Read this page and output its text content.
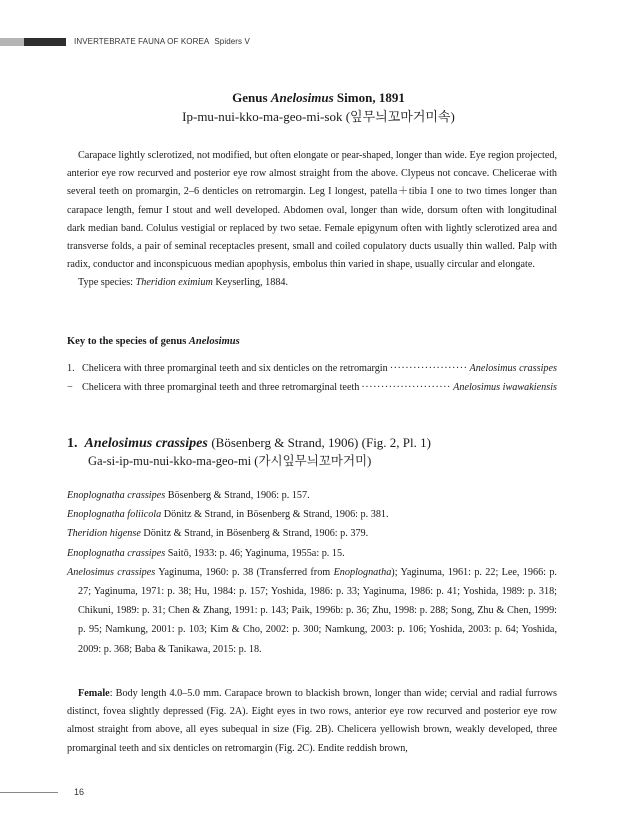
INVERTEBRATE FAUNA OF KOREA Spiders V
Genus Anelosimus Simon, 1891
Ip-mu-nui-kko-ma-geo-mi-sok (잎무늬꼬마거미속)

Carapace lightly sclerotized, not modified, but often elongate or pear-shaped, longer than wide. Eye region projected, anterior eye row recurved and posterior eye row almost straight from the above. Clypeus not concave. Chelicerae with several teeth on promargin, 2–6 denticles on retromargin. Leg I longest, patella＋tibia I one to two times longer than carapace length, femur I stout and well developed. Abdomen oval, longer than wide, dorsum often with longitudinal dark median band. Colulus vestigial or replaced by two setae. Female epigynum often with lightly sclerotized area and transverse folds, a pair of seminal receptacles present, small and coiled copulatory ducts usually thin walled. Palp with radix, conductor and inconspicuous median apophysis, embolus thin varied in shape, usually circular and elongate.

Type species: Theridion eximium Keyserling, 1884.

Key to the species of genus Anelosimus
1. Chelicera with three promarginal teeth and six denticles on the retromargin ·····	Anelosimus crassipes
− Chelicera with three promarginal teeth and three retromarginal teeth ·····	Anelosimus iwawakiensis
1. Anelosimus crassipes (Bösenberg & Strand, 1906) (Fig. 2, Pl. 1)
Ga-si-ip-mu-nui-kko-ma-geo-mi (가시잎무늬꼬마거미)
Enoplognatha crassipes Bösenberg & Strand, 1906: p. 157.
Enoplognatha foliicola Dönitz & Strand, in Bösenberg & Strand, 1906: p. 381.
Theridion higense Dönitz & Strand, in Bösenberg & Strand, 1906: p. 379.
Enoplognatha crassipes Saitō, 1933: p. 46; Yaginuma, 1955a: p. 15.
Anelosimus crassipes Yaginuma, 1960: p. 38 (Transferred from Enoplognatha); Yaginuma, 1961: p. 22; Lee, 1966: p. 27; Yaginuma, 1971: p. 38; Hu, 1984: p. 157; Yoshida, 1986: p. 33; Yaginuma, 1986: p. 41; Yoshida, 1989: p. 318; Chikuni, 1989: p. 31; Chen & Zhang, 1991: p. 143; Paik, 1996b: p. 36; Zhu, 1998: p. 288; Song, Zhu & Chen, 1999: p. 95; Namkung, 2001: p. 103; Kim & Cho, 2002: p. 300; Namkung, 2003: p. 106; Yoshida, 2003: p. 64; Yoshida, 2009: p. 368; Baba & Tanikawa, 2015: p. 18.

Female: Body length 4.0–5.0 mm. Carapace brown to blackish brown, longer than wide; cervial and radial furrows distinct, fovea slightly depressed (Fig. 2A). Eight eyes in two rows, anterior eye row recurved and posterior eye row almost straight from above, all eyes subequal in size (Fig. 2B). Chelicera yellowish brown, weakly developed, three promarginal teeth and six denticles on retromargin (Fig. 2C). Endite reddish brown,

16
